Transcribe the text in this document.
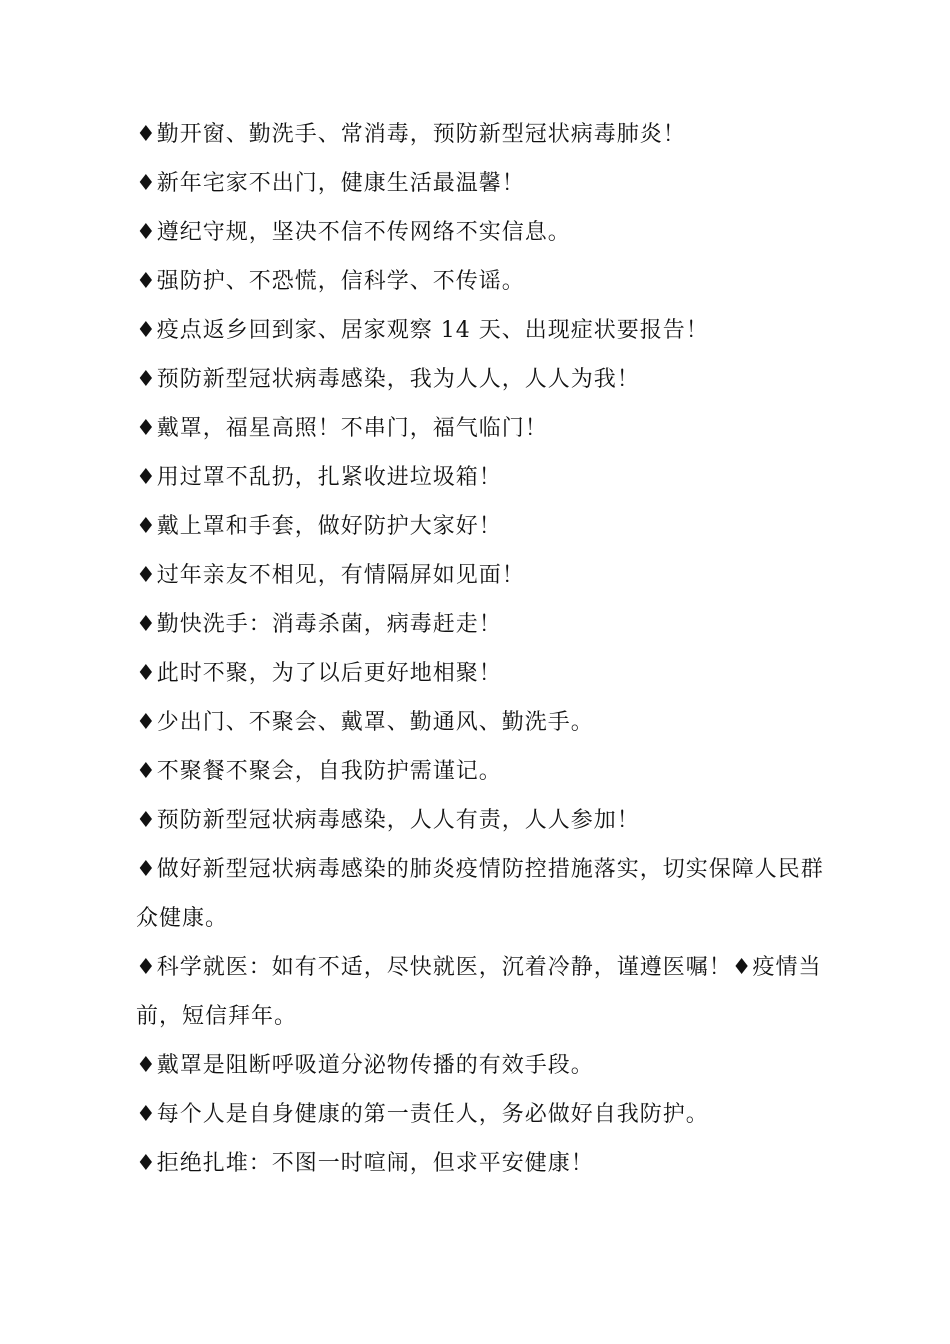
♦勤开窗、勤洗手、常消毒，预防新型冠状病毒肺炎！

♦新年宅家不出门，健康生活最温馨！

♦遵纪守规，坚决不信不传网络不实信息。

♦强防护、不恐慌，信科学、不传谣。

♦疫点返乡回到家、居家观察 14 天、出现症状要报告！

♦预防新型冠状病毒感染，我为人人，人人为我！

♦戴罩，福星高照！不串门，福气临门！

♦用过罩不乱扔，扎紧收进垃圾箱！

♦戴上罩和手套，做好防护大家好！

♦过年亲友不相见，有情隔屏如见面！

♦勤快洗手：消毒杀菌，病毒赶走！

♦此时不聚，为了以后更好地相聚！

♦少出门、不聚会、戴罩、勤通风、勤洗手。

♦不聚餐不聚会，自我防护需谨记。

♦预防新型冠状病毒感染，人人有责，人人参加！

♦做好新型冠状病毒感染的肺炎疫情防控措施落实，切实保障人民群众健康。

♦科学就医：如有不适，尽快就医，沉着冷静，谨遵医嘱！♦疫情当前，短信拜年。

♦戴罩是阻断呼吸道分泌物传播的有效手段。

♦每个人是自身健康的第一责任人，务必做好自我防护。

♦拒绝扎堆：不图一时喧闹，但求平安健康！
